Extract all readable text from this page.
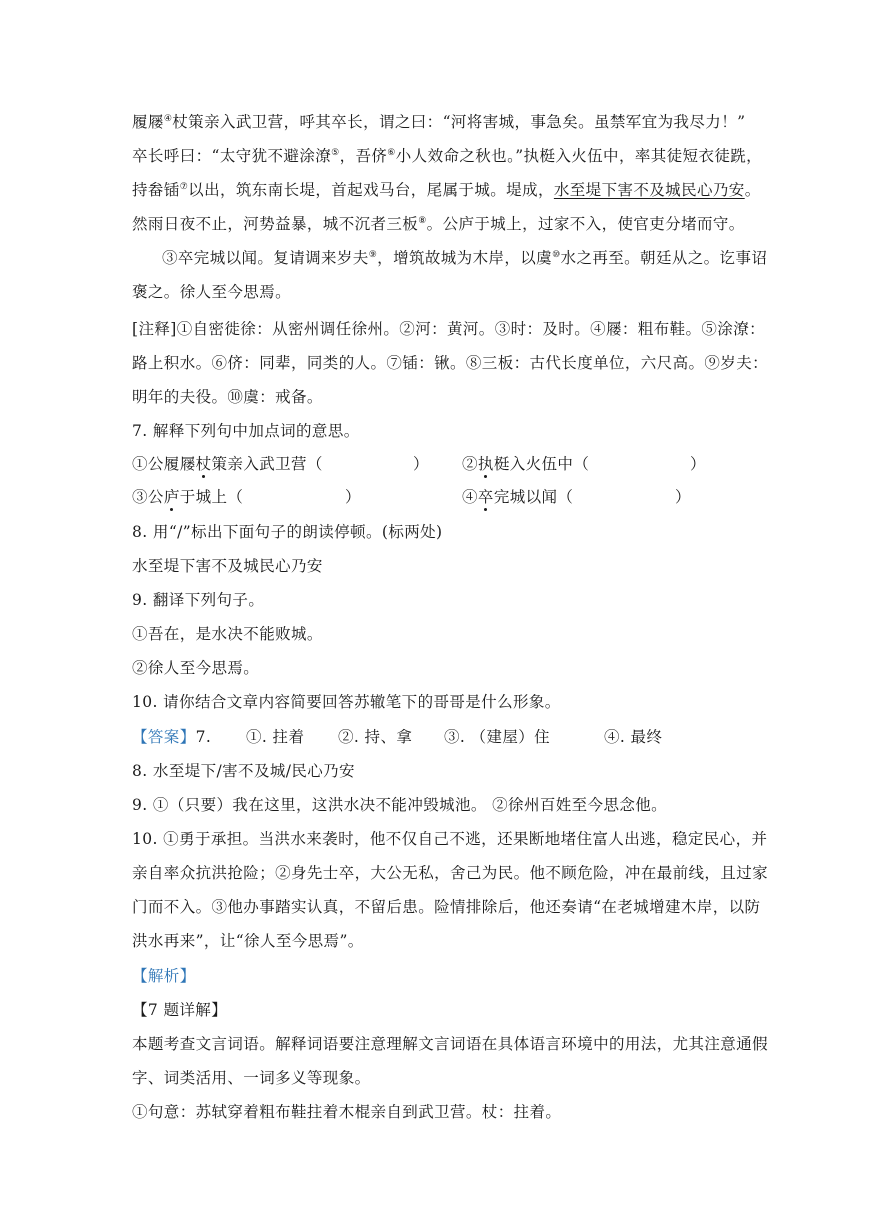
履屦④杖策亲入武卫营，呼其卒长，谓之曰：“河将害城，事急矣。虽禁军宜为我尽力！”
卒长呼曰：“太守犹不避涂潦⑤，吾侪⑥小人效命之秋也。”执梃入火伍中，率其徒短衣徒跣，
持畚锸⑦以出，筑东南长堤，首起戏马台，尾属于城。堤成，水至堤下害不及城民心乃安。
然雨日夜不止，河势益暴，城不沉者三板⑧。公庐于城上，过家不入，使官吏分堵而守。
③卒完城以闻。复请调来岁夫⑨，增筑故城为木岸，以虞⑩水之再至。朝廷从之。讫事诏
褒之。徐人至今思焉。
[注释]①自密徙徐：从密州调任徐州。②河：黄河。③时：及时。④屦：粗布鞋。⑤涂潦：
路上积水。⑥侪：同辈，同类的人。⑦锸：锹。⑧三板：古代长度单位，六尺高。⑨岁夫：
明年的夫役。⑩虞：戒备。
7. 解释下列句中加点词的意思。
①公履屦杖策亲入武卫营（	） ②执梃入火伍中（	）
③公庐于城上（	）	④卒完城以闻（	）
8. 用“/”标出下面句子的朗读停顿。(标两处)
水至堤下害不及城民心乃安
9. 翻译下列句子。
①吾在，是水决不能败城。
②徐人至今思焉。
10. 请你结合文章内容简要回答苏辙笔下的哥哥是什么形象。
【答案】7. ①. 拄着 ②. 持、拿 ③. （建屋）住	④. 最终
8. 水至堤下/害不及城/民心乃安
9. ①（只要）我在这里，这洪水决不能冲毁城池。 ②徐州百姓至今思念他。
10. ①勇于承担。当洪水来袭时，他不仅自己不逃，还果断地堵住富人出逃，稳定民心，并
亲自率众抗洪抢险；②身先士卒，大公无私，舍己为民。他不顾危险，冲在最前线，且过家
门而不入。③他办事踏实认真，不留后患。险情排除后，他还奏请“在老城增建木岸，以防
洪水再来”，让“徐人至今思焉”。
【解析】
【7 题详解】
本题考查文言词语。解释词语要注意理解文言词语在具体语言环境中的用法，尤其注意通假
字、词类活用、一词多义等现象。
①句意：苏轼穿着粗布鞋拄着木棍亲自到武卫营。杖：拄着。
